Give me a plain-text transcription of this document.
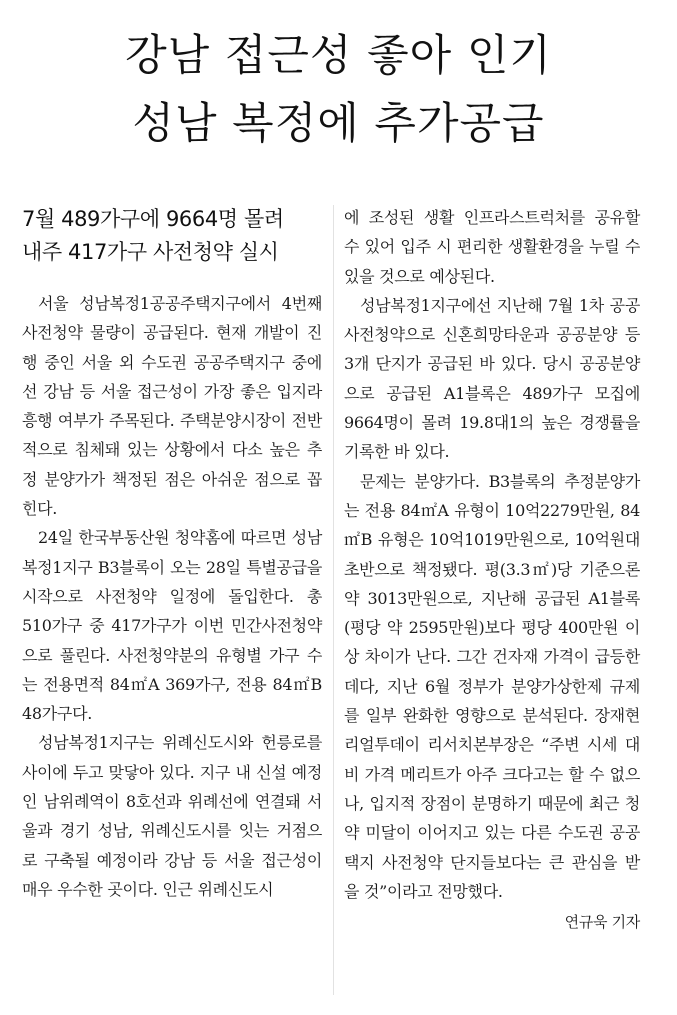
강남 접근성 좋아 인기
성남 복정에 추가공급
7월 489가구에 9664명 몰려
내주 417가구 사전청약 실시

서울 성남복정1공공주택지구에서 4번째 사전청약 물량이 공급된다. 현재 개발이 진행 중인 서울 외 수도권 공공주택지구 중에선 강남 등 서울 접근성이 가장 좋은 입지라 흥행 여부가 주목된다. 주택분양시장이 전반적으로 침체돼 있는 상황에서 다소 높은 추정 분양가가 책정된 점은 아쉬운 점으로 꼽힌다.

24일 한국부동산원 청약홈에 따르면 성남복정1지구 B3블록이 오는 28일 특별공급을 시작으로 사전청약 일정에 돌입한다. 총 510가구 중 417가구가 이번 민간사전청약으로 풀린다. 사전청약분의 유형별 가구 수는 전용면적 84㎡A 369가구, 전용 84㎡B 48가구다.

성남복정1지구는 위례신도시와 헌릉로를 사이에 두고 맞닿아 있다. 지구 내 신설 예정인 남위례역이 8호선과 위례선에 연결돼 서울과 경기 성남, 위례신도시를 잇는 거점으로 구축될 예정이라 강남 등 서울 접근성이 매우 우수한 곳이다. 인근 위례신도시

에 조성된 생활 인프라스트럭처를 공유할 수 있어 입주 시 편리한 생활환경을 누릴 수 있을 것으로 예상된다.

성남복정1지구에선 지난해 7월 1차 공공사전청약으로 신혼희망타운과 공공분양 등 3개 단지가 공급된 바 있다. 당시 공공분양으로 공급된 A1블록은 489가구 모집에 9664명이 몰려 19.8대1의 높은 경쟁률을 기록한 바 있다.

문제는 분양가다. B3블록의 추정분양가는 전용 84㎡A 유형이 10억2279만원, 84㎡B 유형은 10억1019만원으로, 10억원대 초반으로 책정됐다. 평(3.3㎡)당 기준으론 약 3013만원으로, 지난해 공급된 A1블록(평당 약 2595만원)보다 평당 400만원 이상 차이가 난다. 그간 건자재 가격이 급등한 데다, 지난 6월 정부가 분양가상한제 규제를 일부 완화한 영향으로 분석된다. 장재현 리얼투데이 리서치본부장은 “주변 시세 대비 가격 메리트가 아주 크다고는 할 수 없으나, 입지적 장점이 분명하기 때문에 최근 청약 미달이 이어지고 있는 다른 수도권 공공택지 사전청약 단지들보다는 큰 관심을 받을 것”이라고 전망했다.

연규욱 기자
